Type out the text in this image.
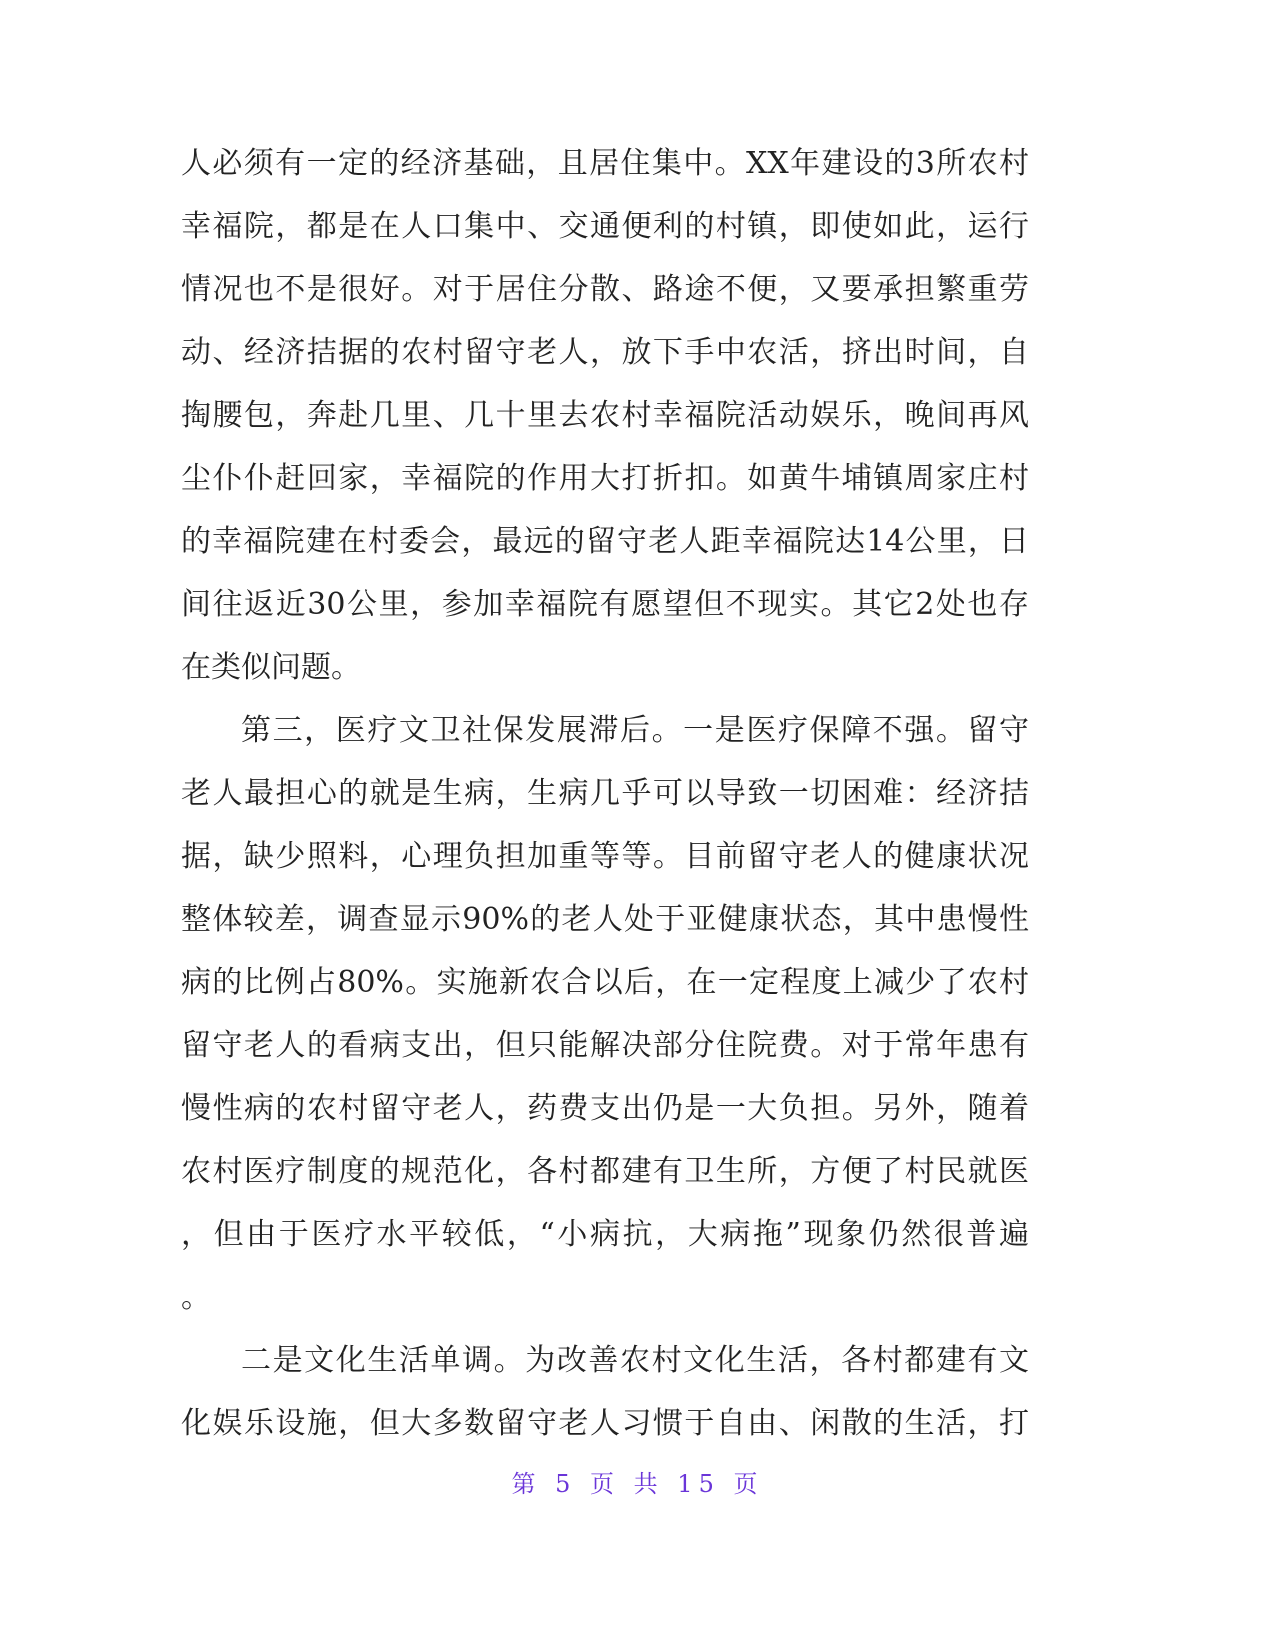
人必须有一定的经济基础，且居住集中。XX年建设的3所农村
幸福院，都是在人口集中、交通便利的村镇，即使如此，运行
情况也不是很好。对于居住分散、路途不便，又要承担繁重劳
动、经济拮据的农村留守老人，放下手中农活，挤出时间，自
掏腰包，奔赴几里、几十里去农村幸福院活动娱乐，晚间再风
尘仆仆赶回家，幸福院的作用大打折扣。如黄牛埔镇周家庄村
的幸福院建在村委会，最远的留守老人距幸福院达14公里，日
间往返近30公里，参加幸福院有愿望但不现实。其它2处也存
在类似问题。
第三，医疗文卫社保发展滞后。一是医疗保障不强。留守
老人最担心的就是生病，生病几乎可以导致一切困难：经济拮
据，缺少照料，心理负担加重等等。目前留守老人的健康状况
整体较差，调查显示90%的老人处于亚健康状态，其中患慢性
病的比例占80%。实施新农合以后，在一定程度上减少了农村
留守老人的看病支出，但只能解决部分住院费。对于常年患有
慢性病的农村留守老人，药费支出仍是一大负担。另外，随着
农村医疗制度的规范化，各村都建有卫生所，方便了村民就医
，但由于医疗水平较低，“小病抗，大病拖”现象仍然很普遍
。
二是文化生活单调。为改善农村文化生活，各村都建有文
化娱乐设施，但大多数留守老人习惯于自由、闲散的生活，打
第 5 页 共 15 页
